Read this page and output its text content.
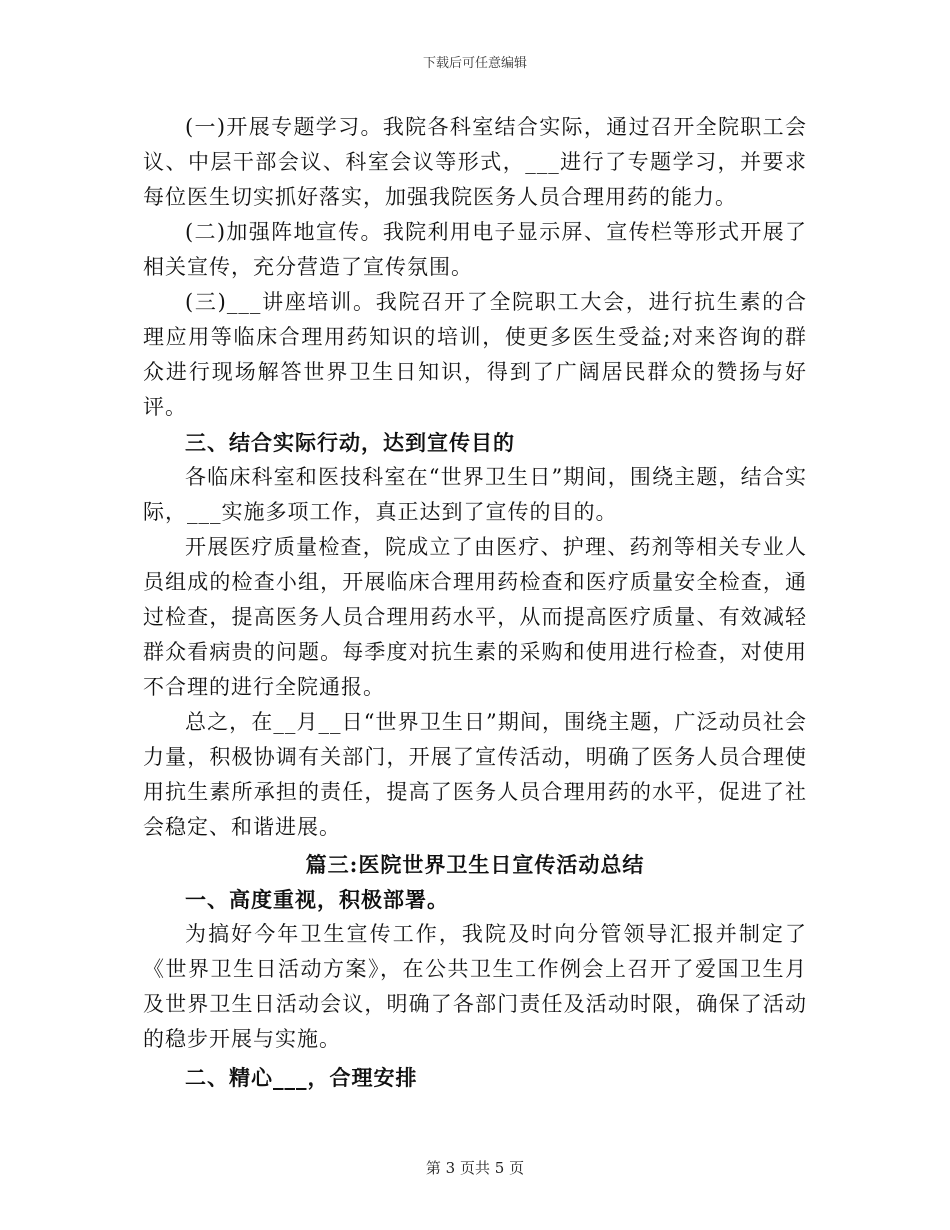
下载后可任意编辑

(一)开展专题学习。我院各科室结合实际，通过召开全院职工会议、中层干部会议、科室会议等形式，___进行了专题学习，并要求每位医生切实抓好落实，加强我院医务人员合理用药的能力。

(二)加强阵地宣传。我院利用电子显示屏、宣传栏等形式开展了相关宣传，充分营造了宣传氛围。

(三)___讲座培训。我院召开了全院职工大会，进行抗生素的合理应用等临床合理用药知识的培训，使更多医生受益;对来咨询的群众进行现场解答世界卫生日知识，得到了广阔居民群众的赞扬与好评。

三、结合实际行动，达到宣传目的

各临床科室和医技科室在“世界卫生日”期间，围绕主题，结合实际，___实施多项工作，真正达到了宣传的目的。

开展医疗质量检查，院成立了由医疗、护理、药剂等相关专业人员组成的检查小组，开展临床合理用药检查和医疗质量安全检查，通过检查，提高医务人员合理用药水平，从而提高医疗质量、有效减轻群众看病贵的问题。每季度对抗生素的采购和使用进行检查，对使用不合理的进行全院通报。

总之，在__月__日“世界卫生日”期间，围绕主题，广泛动员社会力量，积极协调有关部门，开展了宣传活动，明确了医务人员合理使用抗生素所承担的责任，提高了医务人员合理用药的水平，促进了社会稳定、和谐进展。

篇三:医院世界卫生日宣传活动总结

一、高度重视，积极部署。

为搞好今年卫生宣传工作，我院及时向分管领导汇报并制定了《世界卫生日活动方案》，在公共卫生工作例会上召开了爱国卫生月及世界卫生日活动会议，明确了各部门责任及活动时限，确保了活动的稳步开展与实施。

二、精心___，合理安排

第 3 页共 5 页
